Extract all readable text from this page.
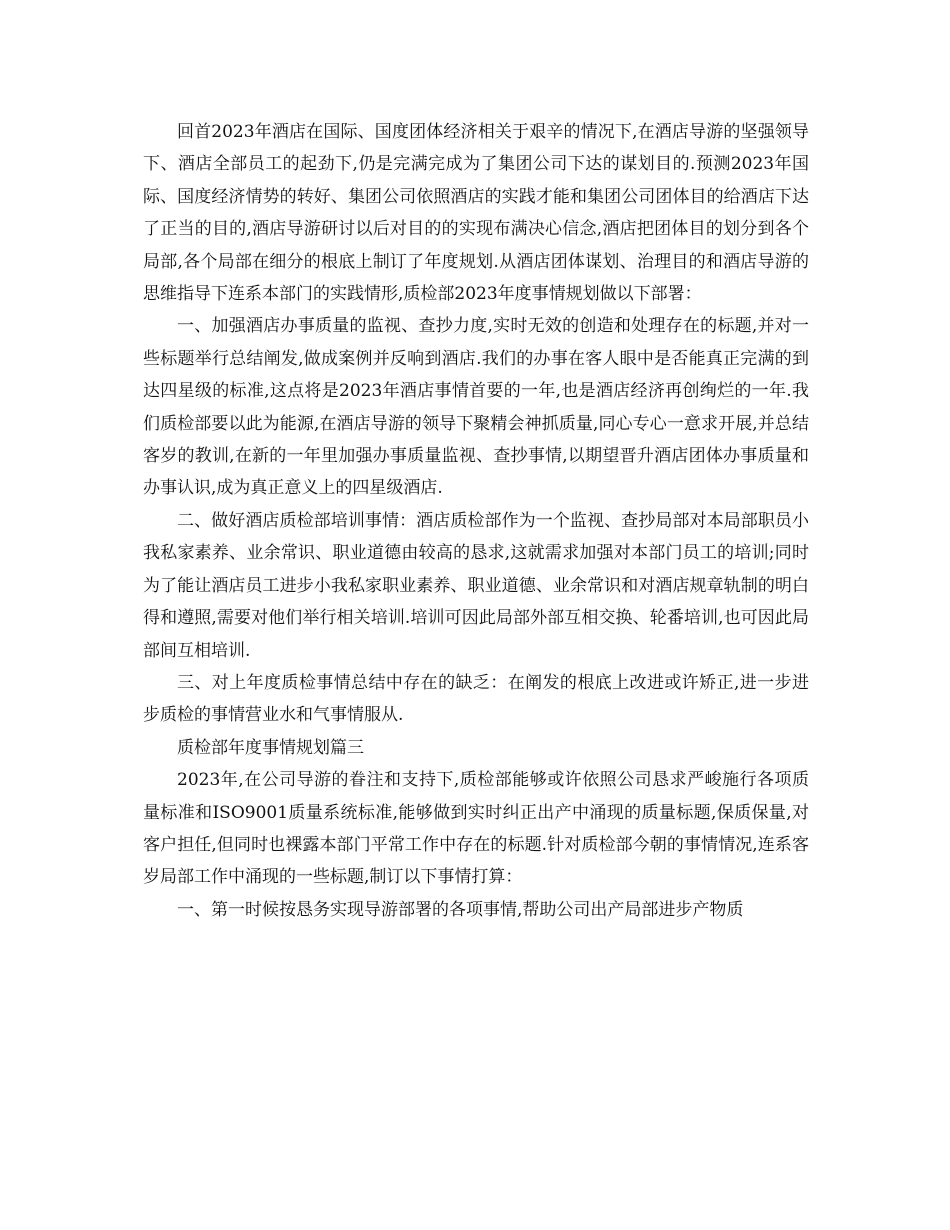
回首2023年酒店在国际、国度团体经济相关于艰辛的情况下,在酒店导游的坚强领导下、酒店全部员工的起劲下,仍是完满完成为了集团公司下达的谋划目的.预测2023年国际、国度经济情势的转好、集团公司依照酒店的实践才能和集团公司团体目的给酒店下达了正当的目的,酒店导游研讨以后对目的的实现布满决心信念,酒店把团体目的划分到各个局部,各个局部在细分的根底上制订了年度规划.从酒店团体谋划、治理目的和酒店导游的思维指导下连系本部门的实践情形,质检部2023年度事情规划做以下部署：

一、加强酒店办事质量的监视、查抄力度,实时无效的创造和处理存在的标题,并对一些标题举行总结阐发,做成案例并反响到酒店.我们的办事在客人眼中是否能真正完满的到达四星级的标准,这点将是2023年酒店事情首要的一年,也是酒店经济再创绚烂的一年.我们质检部要以此为能源,在酒店导游的领导下聚精会神抓质量,同心专心一意求开展,并总结客岁的教训,在新的一年里加强办事质量监视、查抄事情,以期望晋升酒店团体办事质量和办事认识,成为真正意义上的四星级酒店.

二、做好酒店质检部培训事情：酒店质检部作为一个监视、查抄局部对本局部职员小我私家素养、业余常识、职业道德由较高的恳求,这就需求加强对本部门员工的培训;同时为了能让酒店员工进步小我私家职业素养、职业道德、业余常识和对酒店规章轨制的明白得和遵照,需要对他们举行相关培训.培训可因此局部外部互相交换、轮番培训,也可因此局部间互相培训.

三、对上年度质检事情总结中存在的缺乏：在阐发的根底上改进或许矫正,进一步进步质检的事情营业水和气事情服从.

质检部年度事情规划篇三

2023年,在公司导游的眷注和支持下,质检部能够或许依照公司恳求严峻施行各项质量标准和ISO9001质量系统标准,能够做到实时纠正出产中涌现的质量标题,保质保量,对客户担任,但同时也裸露本部门平常工作中存在的标题.针对质检部今朝的事情情况,连系客岁局部工作中涌现的一些标题,制订以下事情打算：

一、第一时候按恳务实现导游部署的各项事情,帮助公司出产局部进步产物质
